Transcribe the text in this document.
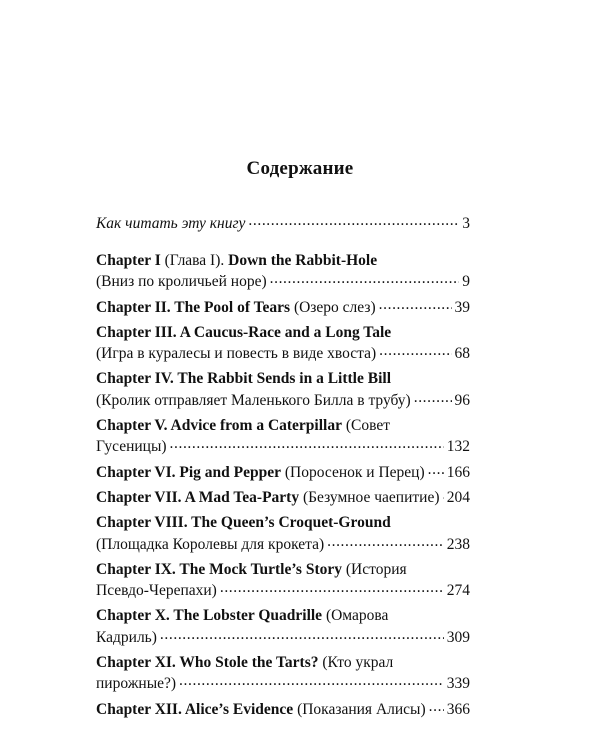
Содержание
Как читать эту книгу .....	3
Chapter I (Глава I). Down the Rabbit-Hole
(Вниз по кроличьей норе) .....	9
Chapter II. The Pool of Tears (Озеро слез) .....	39
Chapter III. A Caucus-Race and a Long Tale
(Игра в куралесы и повесть в виде хвоста) .....	68
Chapter IV. The Rabbit Sends in a Little Bill
(Кролик отправляет Маленького Билла в трубу) .....	96
Chapter V. Advice from a Caterpillar (Совет
Гусеницы) .....	132
Chapter VI. Pig and Pepper (Поросенок и Перец) ..... 166
Chapter VII. A Mad Tea-Party (Безумное чаепитие) ..... 204
Chapter VIII. The Queen’s Croquet-Ground
(Площадка Королевы для крокета) .....	238
Chapter IX. The Mock Turtle’s Story (История
Псевдо-Черепахи) .....	274
Chapter X. The Lobster Quadrille (Омарова
Кадриль) .....	309
Chapter XI. Who Stole the Tarts? (Кто украл
пирожные?) .....	339
Chapter XII. Alice’s Evidence (Показания Алисы) ..... 366
